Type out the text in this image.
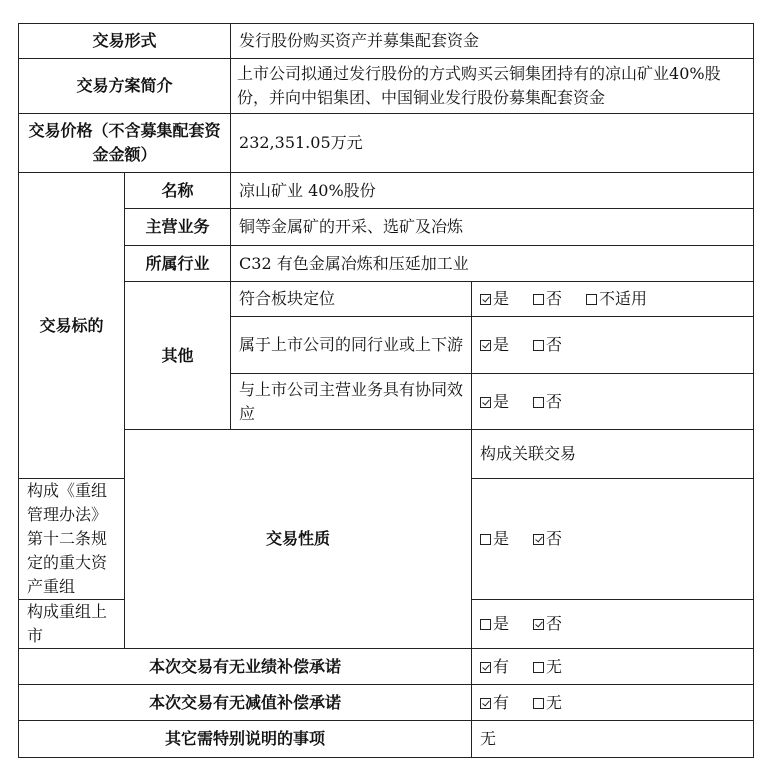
交易形式		发行股份购买资产并募集配套资金		
交易方案简介		上市公司拟通过发行股份的方式购买云铜集团持有的凉山矿业40%股份，并向中铝集团、中国铜业发行股份募集配套资金		
交易价格（不含募集配套资金金额）		232,351.05万元		
交易标的	名称	凉山矿业 40%股份		
	主营业务	铜等金属矿的开采、选矿及冶炼		
	所属行业	C32 有色金属冶炼和压延加工业		
	其他	符合板块定位	是 否 不适用	
		属于上市公司的同行业或上下游	是 否	
		与上市公司主营业务具有协同效应	是 否	
	交易性质		构成关联交易	
构成《重组管理办法》第十二条规定的重大资产重组			是 否	
构成重组上市			是 否	
本次交易有无业绩补偿承诺			有 无	
本次交易有无减值补偿承诺			有 无	
其它需特别说明的事项			无	
